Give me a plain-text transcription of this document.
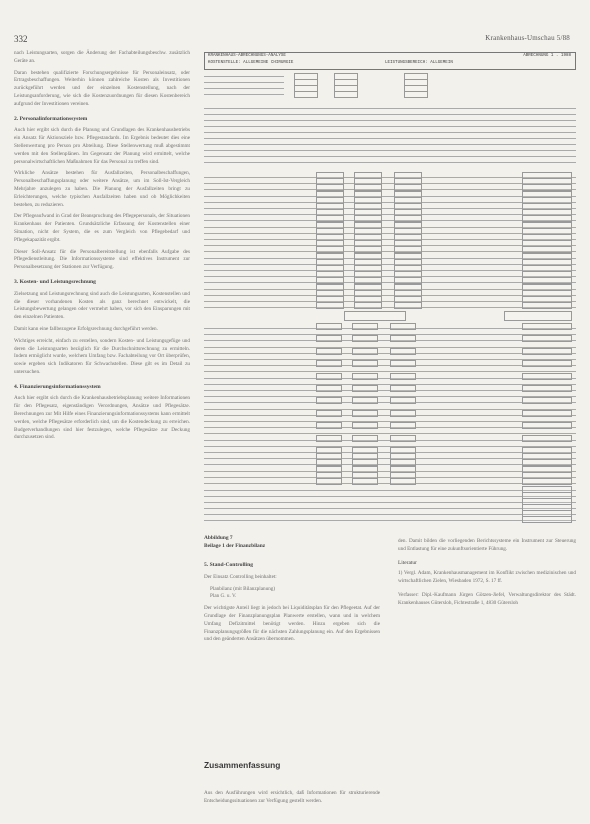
332	Krankenhaus-Umschau 5/88

nach Leistungsarten, sorgen die Änderung der Fachabteilungsbeschw. zusätzlich Geräte an.

Daran bestehen qualifizierte Forschungsergebnisse für Personaleinsatz, oder Ertragsbeschaffungen. Weiterhin können zahlreiche Kosten als Investitionen zurückgeführt werden und der einzelnen Kostenstellung, nach der Leistungsanforderung, wie sich die Kostenzuordnungen für diesen Kostenbereich aufgrund der Investitionen vereinen.

2. Personalinformationssystem

Auch hier ergibt sich durch die Planung und Grundlagen des Krankenhausbetriebs ein Ansatz für Aktionsziele bzw. Pflegestandards. Im Ergebnis bedeutet dies eine Stellenwertung pro Person pro Abteilung. Diese Stellenwertung muß abgestimmt werden mit den Stellenplänen. Im Gegensatz der Planung wird ermittelt, welche personalwirtschaftlichen Maßnahmen für das Personal zu treffen sind.

Wirkliche Ansätze bestehen für Ausfallzeiten, Personalbeschaffungen, Personalbeschaffungsplanung oder weitere Ansätze, um im Soll-Ist-Vergleich Mehrjahre anzulegen zu haben. Die Planung der Ausfallzeiten bringt zu Erleichterungen, welche typischen Ausfallzeiten haben und ob Möglichkeiten bestehen, zu reduzieren.

Der Pflegeaufwand in Grad der Beanspruchung des Pflegepersonals, der Situationen Krankenhaus der Patienten. Grundsätzliche Erfassung der Kostenstellen einer Situation, nicht der System, die es zum Vergleich von Pflegebedarf und Pflegekapazität ergibt.

Dieser Soll-Ansatz für die Personalbereitstellung ist ebenfalls Aufgabe des Pflegedienstleitung. Die Informationssysteme sind effektives Instrument zur Personalbesetzung der Stationen zur Verfügung.

3. Kosten- und Leistungsrechnung

Zielsetzung und Leistungsrechnung sind auch die Leistungsarten, Kostenstellen und die dieser vorhandenen Kosten als ganz berechnet entwickelt, die Leistungsbewertung gelangen oder vermehrt haben, vor sich den Einsparungen mit den einzelnen Patienten.

Damit kann eine fallbezogene Erfolgsrechnung durchgeführt werden.

Wichtiges erreicht, einfach zu erstellen, sondern Kosten- und Leistungsgefüge und deren die Leistungsarten bezüglich für die Durchschnittsrechnung zu ermitteln. Indem ermöglicht wurde, welchem Umfang bzw. Fachabteilung vor Ort überprüfen, sowie ergeben sich Indikatoren für Schwachstellen. Diese gilt es im Detail zu untersuchen.

4. Finanzierungsinformationssystem

Auch hier ergibt sich durch die Krankenhausbetriebsplanung weitere Informationen für den Pflegesatz, eigenständigen Verordnungen, Ansätze und Pflegesätze. Berechnungen zur Mit Hilfe eines Finanzierungsinformationssystems kann ermittelt werden, welche Pflegesätze erforderlich sind, um die Kostendeckung zu erreichen. Budgetverhandlungen sind hier festzulegen, welche Pflegesätze zur Deckung durchzusetzen sind.

KRANKENHAUS-ABRECHNUNGS-ANALYSE	ABRECHNUNG 1 . 1988
KOSTENSTELLE: ALLGEMEINE CHIRURGIE	LEISTUNGSBEREICH: ALLGEMEIN
Abbildung 7
Beilage 1 der Finanzbilanz
5. Stand-Controlling

Der Einsatz Controlling beinhaltet:

Planbilanz (mit Bilanzplanung)

Plan G. u. V.

Der wichtigste Anteil liegt in jedoch bei Liquiditätsplan für den Pflegeetat. Auf der Grundlage der Finanzplanungsplan Planwerte erstellen, wann und in welchem Umfang Defizitmittel benötigt werden. Hinzu ergeben sich die Finanzplanungsgrößen für die nächsten Zahlungsplanung ein. Auf den Ergebnissen und den geänderten Ansätzen übernommen.

Zusammenfassung
Aus den Ausführungen wird ersichtlich, daß Informationen für strukturierende Entscheidungssituationen zur Verfügung gestellt werden.

den. Damit bilden die vorliegenden Berichtssysteme ein Instrument zur Steuerung und Entlastung für eine zukunftsorientierte Führung.

Literatur

1) Vergl. Adam, Krankenhausmanagement im Konflikt zwischen medizinischen und wirtschaftlichen Zielen, Wiesbaden 1972, S. 17 ff.

Verfasser: Dipl.-Kaufmann Jürgen Götzen-Jiefel, Verwaltungsdirektor des Städt. Krankenhauses Gütersloh, Fichtestraße 1, 4830 Gütersloh
